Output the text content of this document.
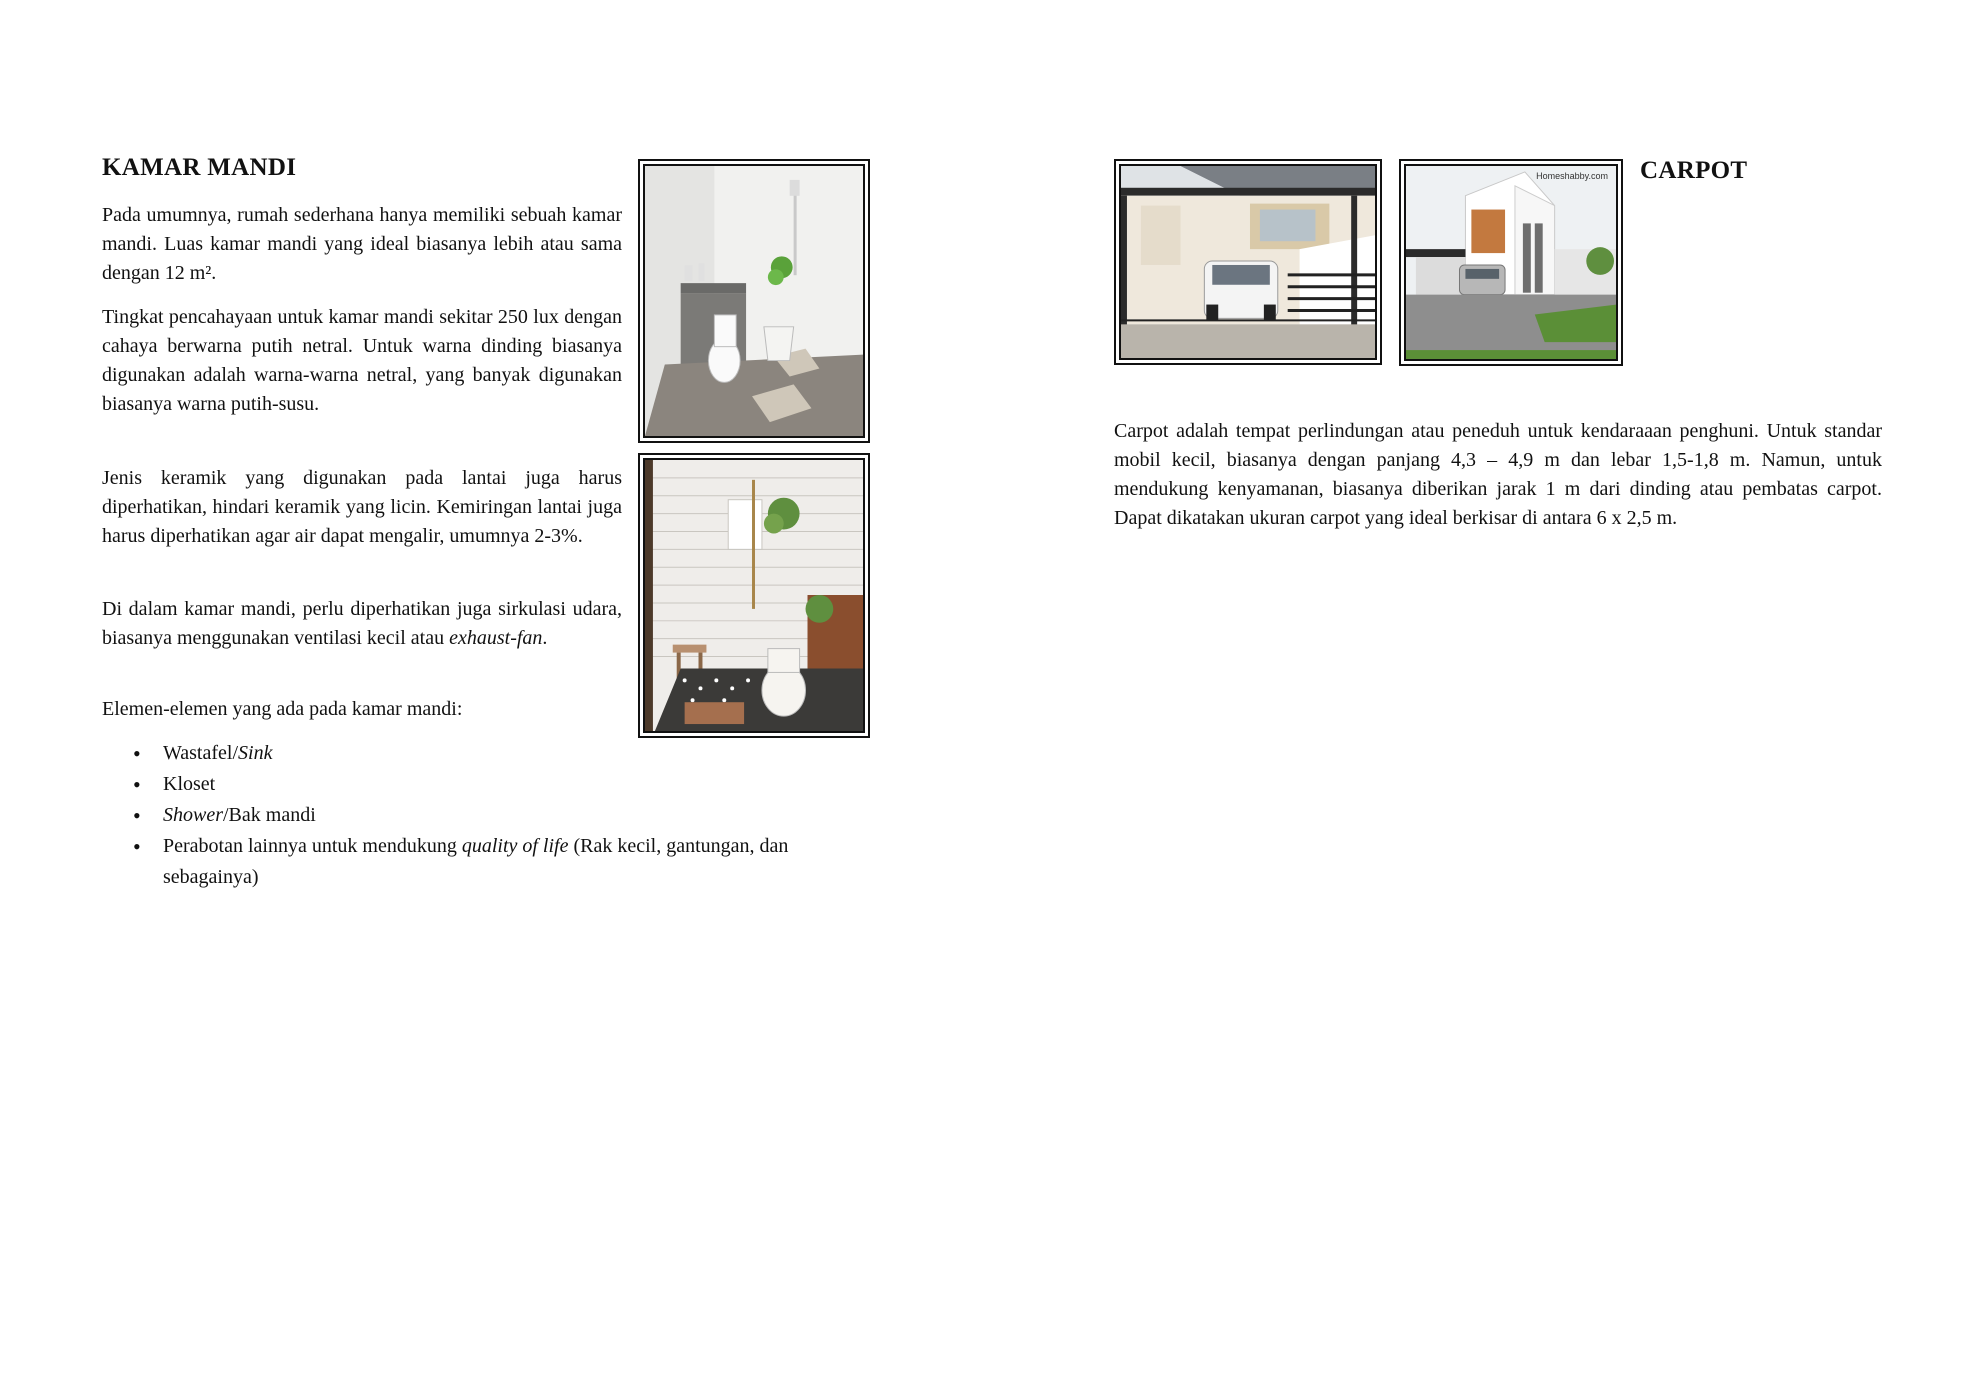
KAMAR MANDI

Pada umumnya, rumah sederhana hanya memiliki sebuah kamar mandi. Luas kamar mandi yang ideal biasanya lebih atau sama dengan 12 m².

Tingkat pencahayaan untuk kamar mandi sekitar 250 lux dengan cahaya berwarna putih netral. Untuk warna dinding biasanya digunakan adalah warna-warna netral, yang banyak digunakan biasanya warna putih-susu.

Jenis keramik yang digunakan pada lantai juga harus diperhatikan, hindari keramik yang licin. Kemiringan lantai juga harus diperhatikan agar air dapat mengalir, umumnya 2-3%.

Di dalam kamar mandi, perlu diperhatikan juga sirkulasi udara, biasanya menggunakan ventilasi kecil atau exhaust-fan.

Elemen-elemen yang ada pada kamar mandi:

• Wastafel/Sink
• Kloset
• Shower/Bak mandi
• Perabotan lainnya untuk mendukung quality of life (Rak kecil, gantungan, dan sebagainya)
Homeshabby.com CARPOT

Carpot adalah tempat perlindungan atau peneduh untuk kendaraaan penghuni. Untuk standar mobil kecil, biasanya dengan panjang 4,3 – 4,9 m dan lebar 1,5-1,8 m. Namun, untuk mendukung kenyamanan, biasanya diberikan jarak 1 m dari dinding atau pembatas carpot. Dapat dikatakan ukuran carpot yang ideal berkisar di antara 6 x 2,5 m.
